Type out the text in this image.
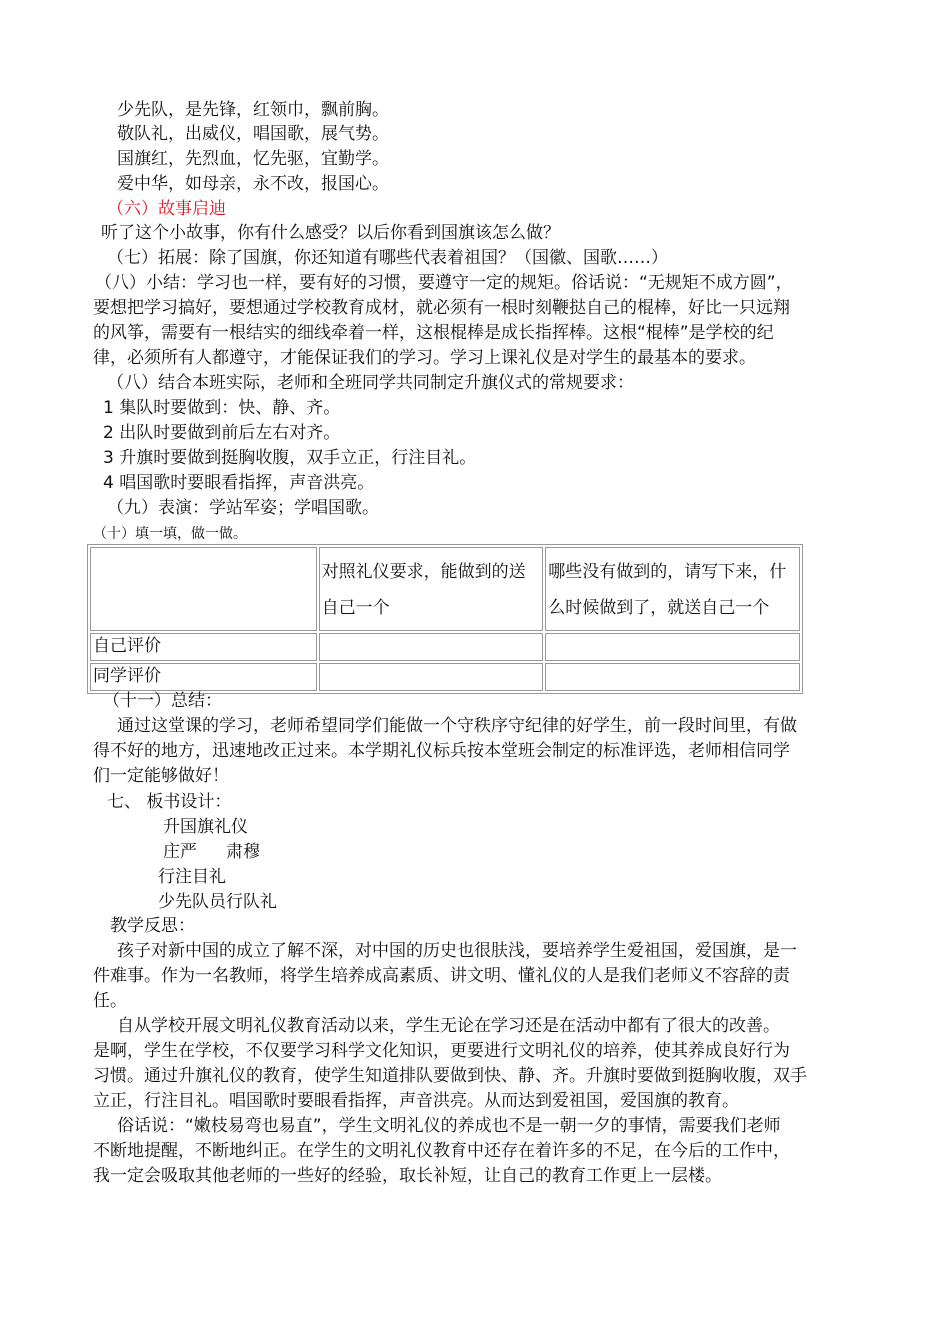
少先队，是先锋，红领巾，飘前胸。
敬队礼，出威仪，唱国歌，展气势。
国旗红，先烈血，忆先驱，宜勤学。
爱中华，如母亲，永不改，报国心。
（六）故事启迪
听了这个小故事，你有什么感受？以后你看到国旗该怎么做？
（七）拓展：除了国旗，你还知道有哪些代表着祖国？（国徽、国歌……）
（八）小结：学习也一样，要有好的习惯，要遵守一定的规矩。俗话说：“无规矩不成方圆”，
要想把学习搞好，要想通过学校教育成材，就必须有一根时刻鞭挞自己的棍棒，好比一只远翔
的风筝，需要有一根结实的细线牵着一样，这根棍棒是成长指挥棒。这根“棍棒”是学校的纪
律，必须所有人都遵守，才能保证我们的学习。学习上课礼仪是对学生的最基本的要求。
（八）结合本班实际，老师和全班同学共同制定升旗仪式的常规要求：
1 集队时要做到：快、静、齐。
2 出队时要做到前后左右对齐。
3 升旗时要做到挺胸收腹，双手立正，行注目礼。
4 唱国歌时要眼看指挥，声音洪亮。
（九）表演：学站军姿；学唱国歌。
（十）填一填，做一做。
	对照礼仪要求，能做到的送自己一个	哪些没有做到的，请写下来，什么时候做到了，就送自己一个
自己评价		
同学评价		
（十一）总结：
通过这堂课的学习，老师希望同学们能做一个守秩序守纪律的好学生，前一段时间里，有做
得不好的地方，迅速地改正过来。本学期礼仪标兵按本堂班会制定的标准评选，老师相信同学
们一定能够做好！
七、 板书设计：
升国旗礼仪
庄严 肃穆
行注目礼
少先队员行队礼
教学反思：
孩子对新中国的成立了解不深，对中国的历史也很肤浅，要培养学生爱祖国，爱国旗，是一
件难事。作为一名教师，将学生培养成高素质、讲文明、懂礼仪的人是我们老师义不容辞的责
任。
自从学校开展文明礼仪教育活动以来，学生无论在学习还是在活动中都有了很大的改善。
是啊，学生在学校，不仅要学习科学文化知识，更要进行文明礼仪的培养，使其养成良好行为
习惯。通过升旗礼仪的教育，使学生知道排队要做到快、静、齐。升旗时要做到挺胸收腹，双手
立正，行注目礼。唱国歌时要眼看指挥，声音洪亮。从而达到爱祖国，爱国旗的教育。
俗话说：“嫩枝易弯也易直”，学生文明礼仪的养成也不是一朝一夕的事情，需要我们老师
不断地提醒，不断地纠正。在学生的文明礼仪教育中还存在着许多的不足，在今后的工作中，
我一定会吸取其他老师的一些好的经验，取长补短，让自己的教育工作更上一层楼。
